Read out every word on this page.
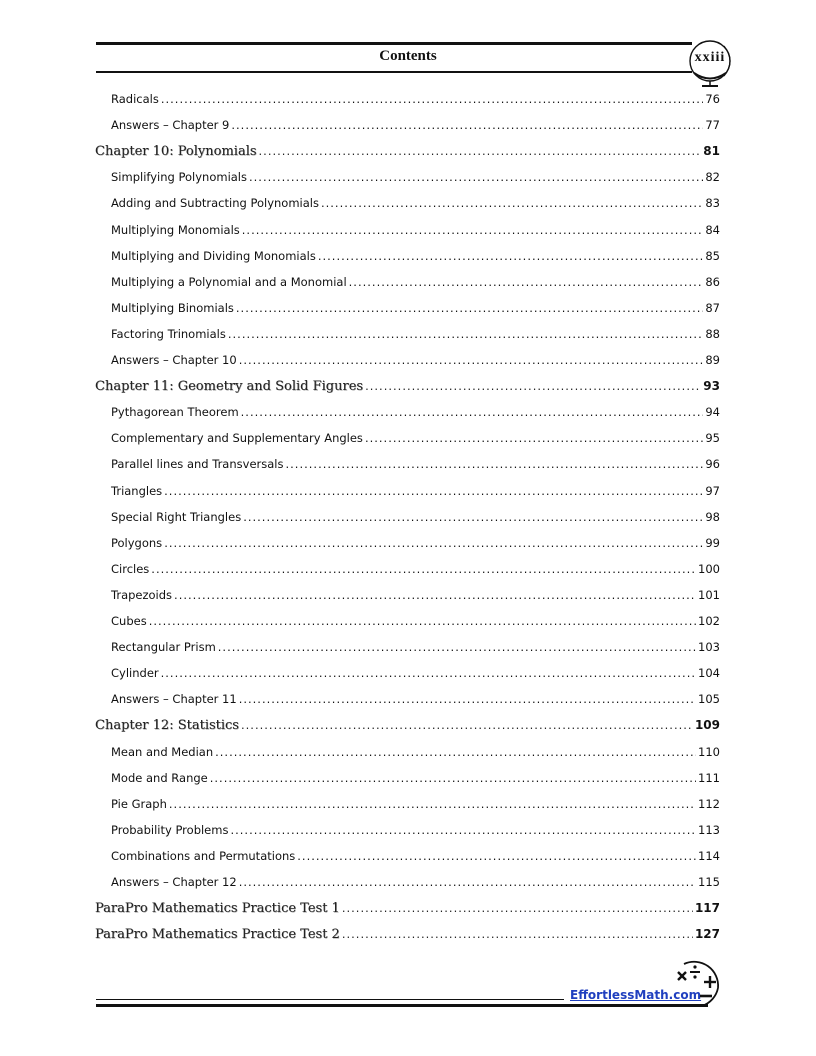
Contents	xxiii
Radicals .....	76
Answers – Chapter 9 .....	77
Chapter 10: Polynomials .....	81
Simplifying Polynomials .....	82
Adding and Subtracting Polynomials .....	83
Multiplying Monomials .....	84
Multiplying and Dividing Monomials .....	85
Multiplying a Polynomial and a Monomial .....	86
Multiplying Binomials .....	87
Factoring Trinomials .....	88
Answers – Chapter 10 .....	89
Chapter 11: Geometry and Solid Figures .....	93
Pythagorean Theorem .....	94
Complementary and Supplementary Angles .....	95
Parallel lines and Transversals .....	96
Triangles .....	97
Special Right Triangles .....	98
Polygons .....	99
Circles .....	100
Trapezoids .....	101
Cubes .....	102
Rectangular Prism .....	103
Cylinder .....	104
Answers – Chapter 11 .....	105
Chapter 12: Statistics .....	109
Mean and Median .....	110
Mode and Range .....	111
Pie Graph .....	112
Probability Problems .....	113
Combinations and Permutations .....	114
Answers – Chapter 12 .....	115
ParaPro Mathematics Practice Test 1 .....	117
ParaPro Mathematics Practice Test 2 .....	127
EffortlessMath.com
